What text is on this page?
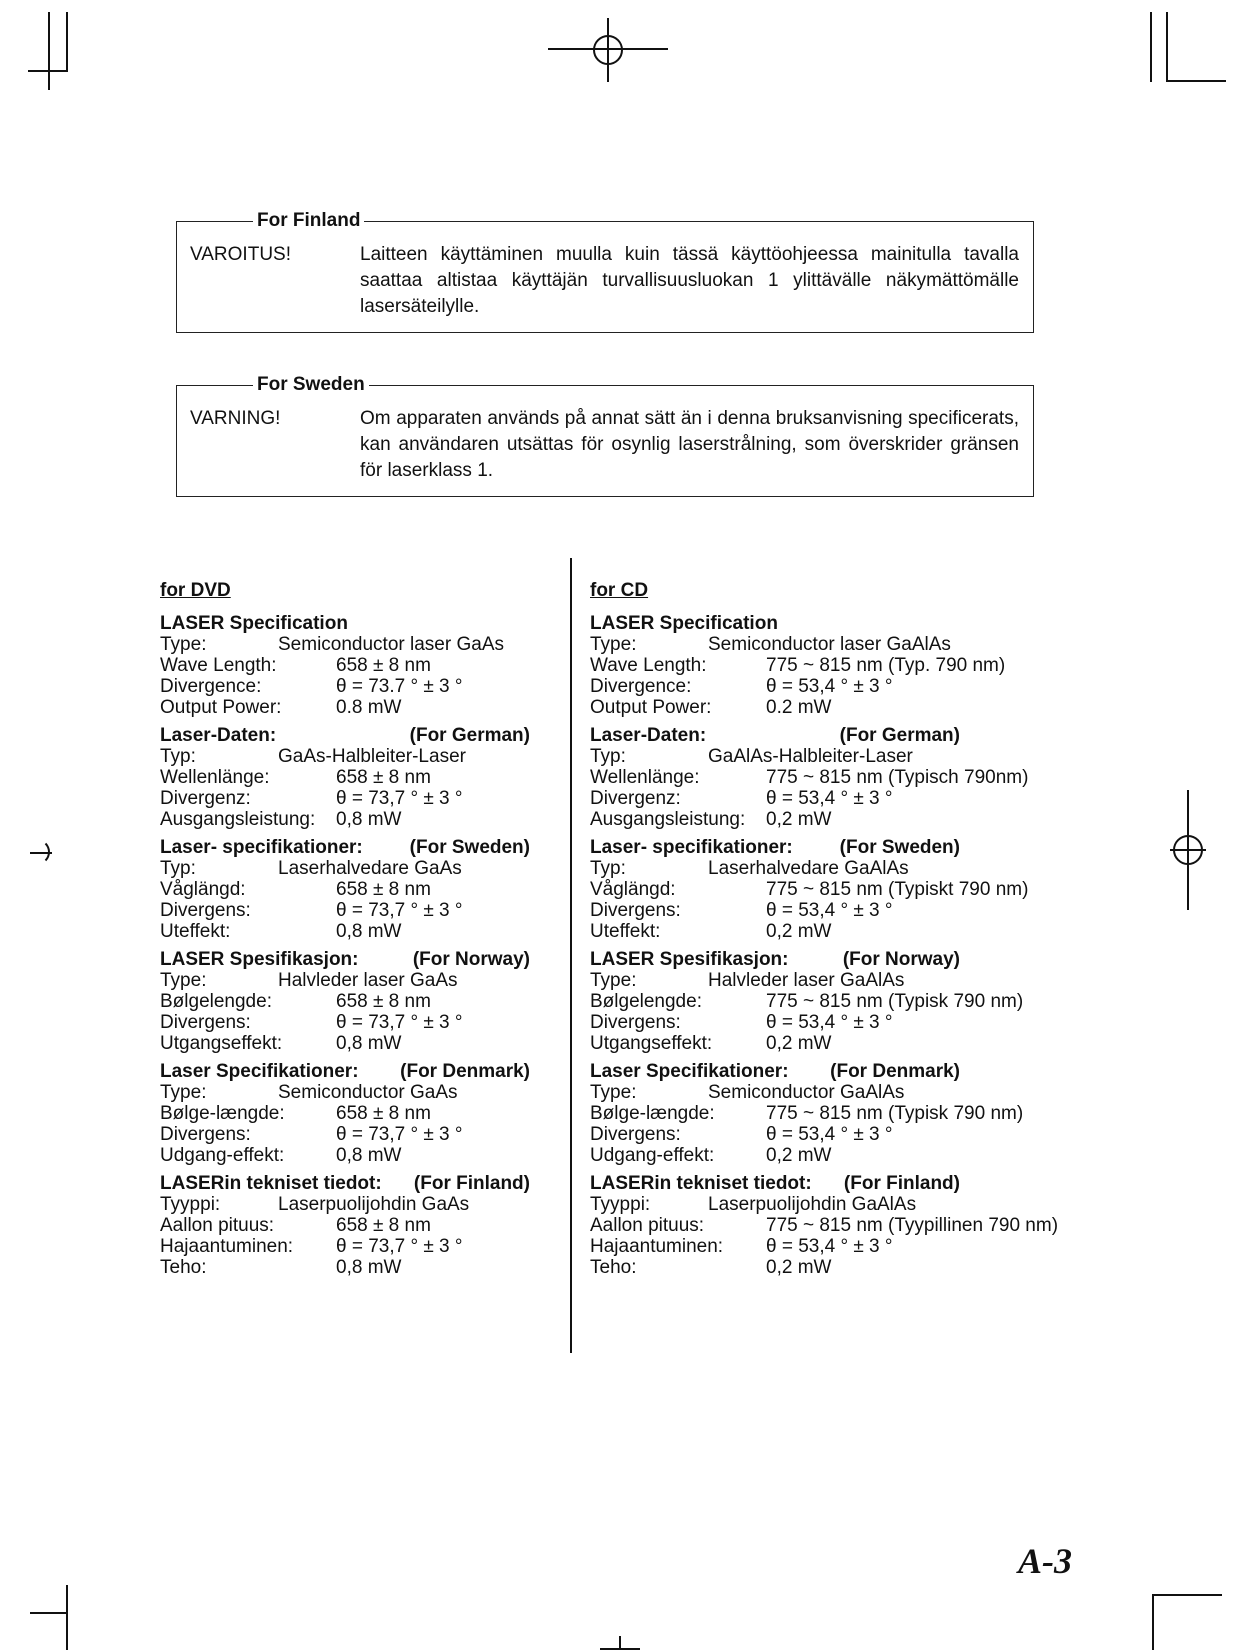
For Finland
VAROITUS!	Laitteen käyttäminen muulla kuin tässä käyttöohjeessa mainitulla tavalla saattaa altistaa käyttäjän turvallisuusluokan 1 ylittävälle näkymättömälle lasersäteilylle.
For Sweden
VARNING!	Om apparaten används på annat sätt än i denna bruksanvisning specificerats, kan användaren utsättas för osynlig laserstrålning, som överskrider gränsen för laserklass 1.
for DVD
LASER Specification
Type:	Semiconductor laser GaAs
Wave Length:	658 ± 8 nm
Divergence:	θ = 73.7 ° ± 3 °
Output Power:	0.8 mW
Laser-Daten:	(For German)
Typ:	GaAs-Halbleiter-Laser
Wellenlänge:	658 ± 8 nm
Divergenz:	θ = 73,7 ° ± 3 °
Ausgangsleistung:	0,8 mW
Laser- specifikationer: (For Sweden)
Typ:	Laserhalvedare GaAs
Våglängd:	658 ± 8 nm
Divergens:	θ = 73,7 ° ± 3 °
Uteffekt:	0,8 mW
LASER Spesifikasjon:	(For Norway)
Type:	Halvleder laser GaAs
Bølgelengde:	658 ± 8 nm
Divergens:	θ = 73,7 ° ± 3 °
Utgangseffekt:	0,8 mW
Laser Specifikationer: (For Denmark)
Type:	Semiconductor GaAs
Bølge-længde:	658 ± 8 nm
Divergens:	θ = 73,7 ° ± 3 °
Udgang-effekt:	0,8 mW
LASERin tekniset tiedot: (For Finland)
Tyyppi:	Laserpuolijohdin GaAs
Aallon pituus:	658 ± 8 nm
Hajaantuminen:	θ = 73,7 ° ± 3 °
Teho:	0,8 mW
for CD
LASER Specification
Type:	Semiconductor laser GaAlAs
Wave Length:	775 ~ 815 nm (Typ. 790 nm)
Divergence:	θ = 53,4 ° ± 3 °
Output Power:	0.2 mW
Laser-Daten:	(For German)
Typ:	GaAlAs-Halbleiter-Laser
Wellenlänge:	775 ~ 815 nm (Typisch 790nm)
Divergenz:	θ = 53,4 ° ± 3 °
Ausgangsleistung:	0,2 mW
Laser- specifikationer: (For Sweden)
Typ:	Laserhalvedare GaAlAs
Våglängd:	775 ~ 815 nm (Typiskt 790 nm)
Divergens:	θ = 53,4 ° ± 3 °
Uteffekt:	0,2 mW
LASER Spesifikasjon:	(For Norway)
Type:	Halvleder laser GaAlAs
Bølgelengde:	775 ~ 815 nm (Typisk 790 nm)
Divergens:	θ = 53,4 ° ± 3 °
Utgangseffekt:	0,2 mW
Laser Specifikationer: (For Denmark)
Type:	Semiconductor GaAlAs
Bølge-længde:	775 ~ 815 nm (Typisk 790 nm)
Divergens:	θ = 53,4 ° ± 3 °
Udgang-effekt:	0,2 mW
LASERin tekniset tiedot: (For Finland)
Tyyppi:	Laserpuolijohdin GaAlAs
Aallon pituus:	775 ~ 815 nm (Tyypillinen 790 nm)
Hajaantuminen:	θ = 53,4 ° ± 3 °
Teho:	0,2 mW
A-3
